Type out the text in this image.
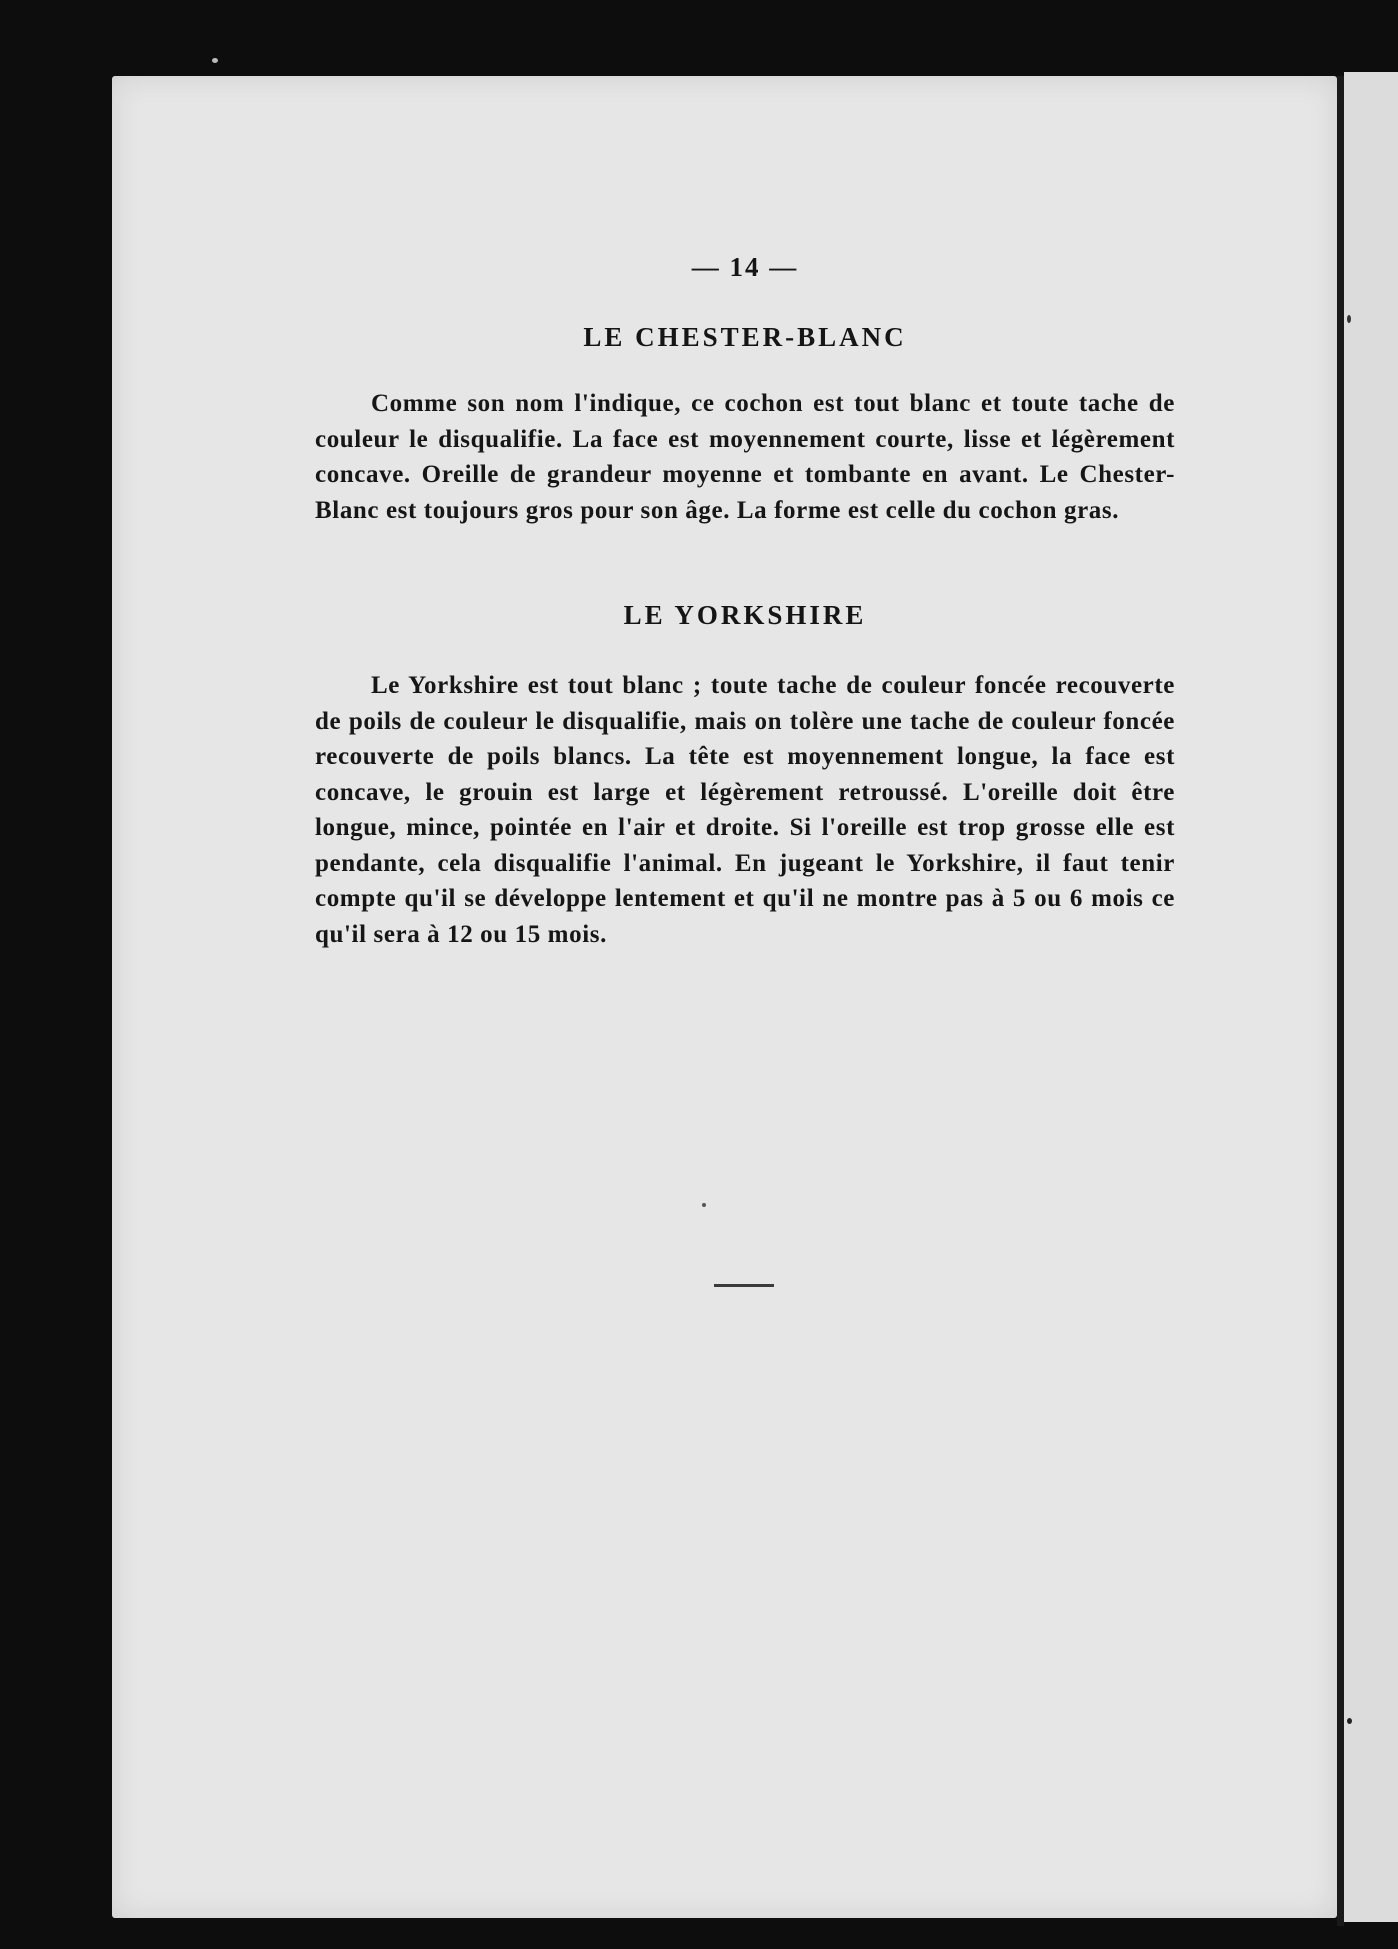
— 14 —
LE CHESTER-BLANC

Comme son nom l'indique, ce cochon est tout blanc et toute tache de couleur le disqualifie. La face est moyennement courte, lisse et légèrement concave. Oreille de grandeur moyenne et tombante en avant. Le Chester-Blanc est toujours gros pour son âge. La forme est celle du cochon gras.

LE YORKSHIRE

Le Yorkshire est tout blanc ; toute tache de couleur foncée recouverte de poils de couleur le disqualifie, mais on tolère une tache de couleur foncée recouverte de poils blancs. La tête est moyennement longue, la face est concave, le grouin est large et légèrement retroussé. L'oreille doit être longue, mince, pointée en l'air et droite. Si l'oreille est trop grosse elle est pendante, cela disqualifie l'animal. En jugeant le Yorkshire, il faut tenir compte qu'il se développe lentement et qu'il ne montre pas à 5 ou 6 mois ce qu'il sera à 12 ou 15 mois.
